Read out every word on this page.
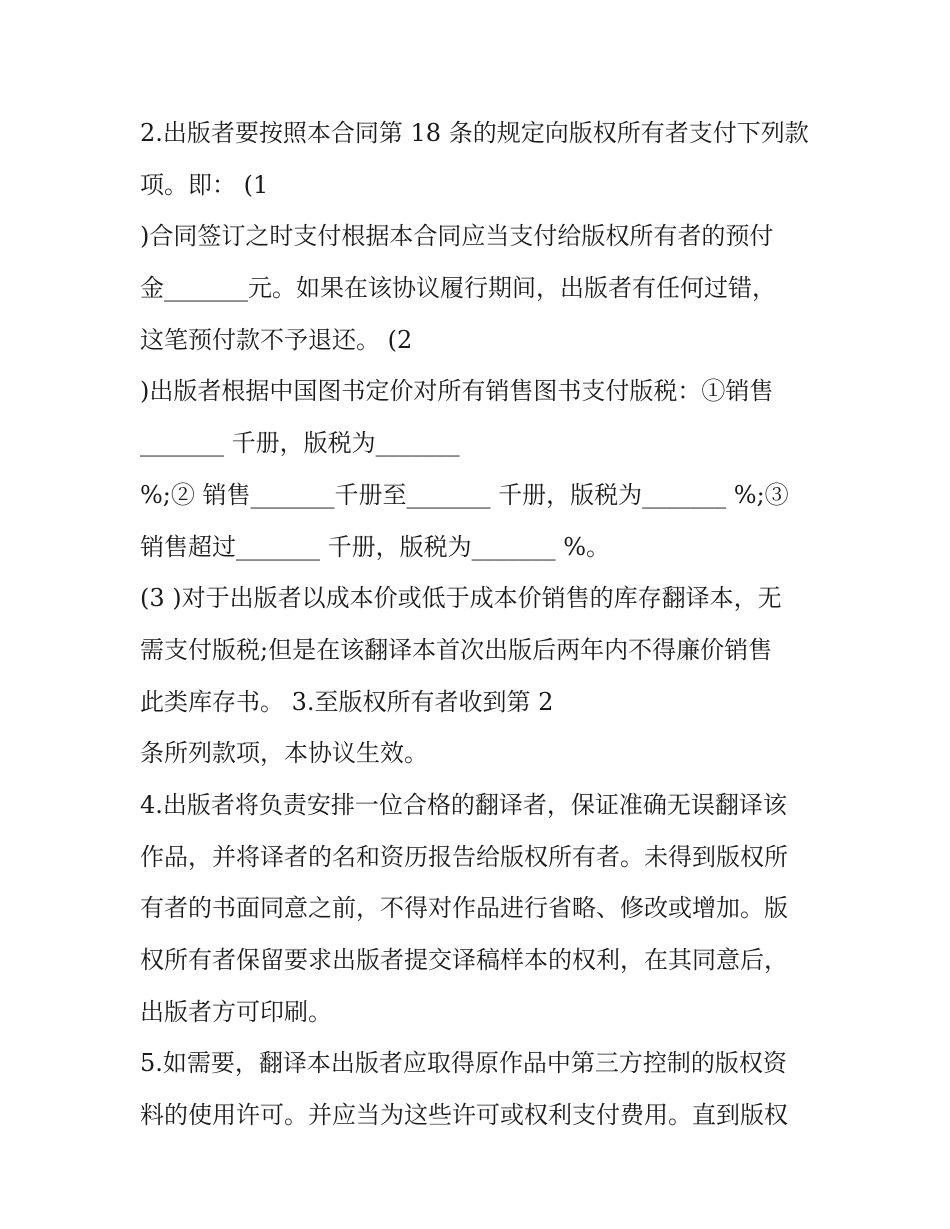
2.出版者要按照本合同第 18 条的规定向版权所有者支付下列款
项。即： (1
)合同签订之时支付根据本合同应当支付给版权所有者的预付
金_______元。如果在该协议履行期间，出版者有任何过错，
这笔预付款不予退还。 (2
)出版者根据中国图书定价对所有销售图书支付版税：①销售
_______ 千册，版税为_______
%;② 销售_______千册至_______ 千册，版税为_______ %;③
销售超过_______ 千册，版税为_______ %。
(3 )对于出版者以成本价或低于成本价销售的库存翻译本，无
需支付版税;但是在该翻译本首次出版后两年内不得廉价销售
此类库存书。 3.至版权所有者收到第 2
条所列款项，本协议生效。
4.出版者将负责安排一位合格的翻译者，保证准确无误翻译该
作品，并将译者的名和资历报告给版权所有者。未得到版权所
有者的书面同意之前，不得对作品进行省略、修改或增加。版
权所有者保留要求出版者提交译稿样本的权利，在其同意后，
出版者方可印刷。
5.如需要，翻译本出版者应取得原作品中第三方控制的版权资
料的使用许可。并应当为这些许可或权利支付费用。直到版权
